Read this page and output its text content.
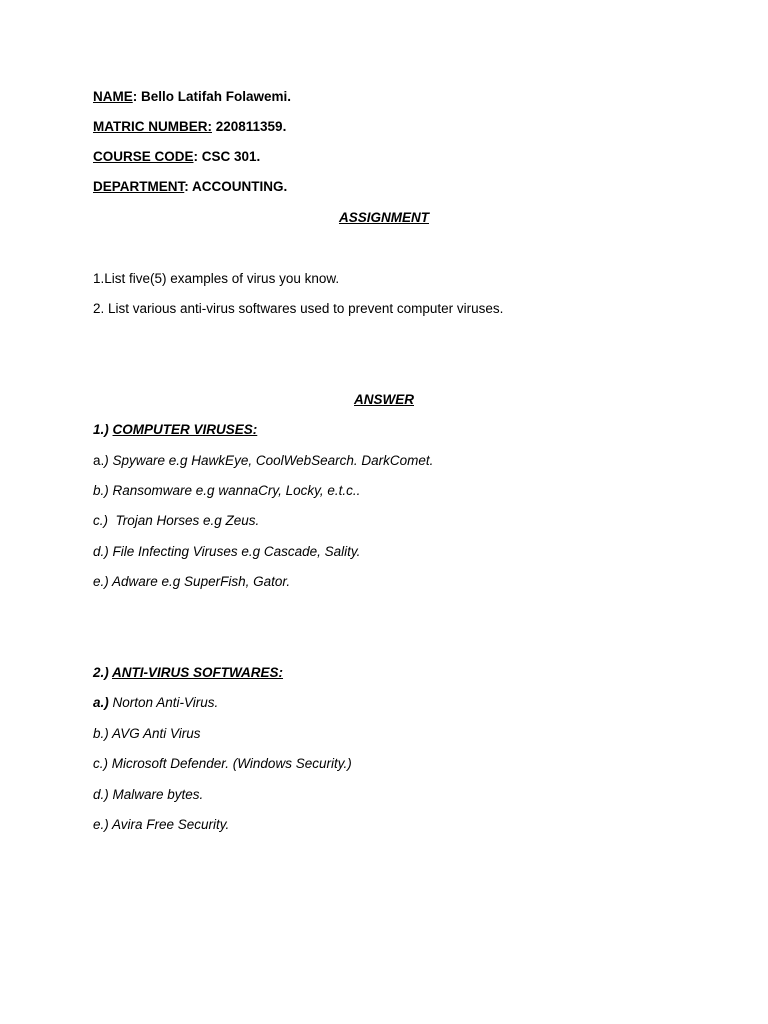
NAME: Bello Latifah Folawemi.
MATRIC NUMBER: 220811359.
COURSE CODE: CSC 301.
DEPARTMENT: ACCOUNTING.
ASSIGNMENT
1.List five(5) examples of virus you know.
2. List various anti-virus softwares used to prevent computer viruses.
ANSWER
1.) COMPUTER VIRUSES:
a.) Spyware e.g HawkEye, CoolWebSearch. DarkComet.
b.) Ransomware e.g wannaCry, Locky, e.t.c..
c.)  Trojan Horses e.g Zeus.
d.) File Infecting Viruses e.g Cascade, Sality.
e.) Adware e.g SuperFish, Gator.
2.) ANTI-VIRUS SOFTWARES:
a.) Norton Anti-Virus.
b.) AVG Anti Virus
c.) Microsoft Defender. (Windows Security.)
d.) Malware bytes.
e.) Avira Free Security.
